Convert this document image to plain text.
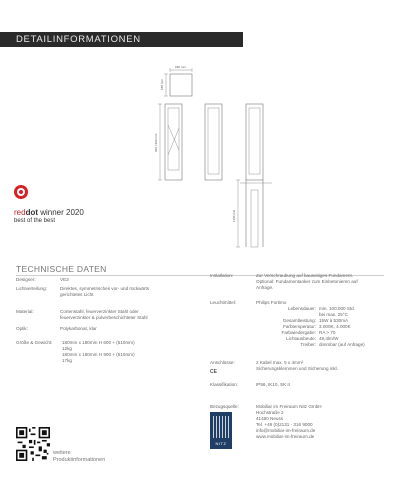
DETAILINFORMATIONEN
180 mm
180 mm
600 / 900 mm
1100 mm
reddot winner 2020
best of the best
TECHNISCHE DATEN
Designer:	VE3
Lichtverteilung:	Direktes, symmetrisches vor- und rückwärts
gerichtetes Licht
Material:	Cortenstahl, feuerverzinkter Stahl oder
feuerverzinkter & pulverbeschichteter Stahl
Optik:	Polykarbonat, klar
Größe & Gewicht:	180mm x 180mm H 600 + (510mm)
12kg
180mm x 180mm H 900 + (510mm)
17kg
Installation:	Zur Verschraubung auf bauseitiges Fundament.
Optional: Fundamentanker zum Einbetonieren auf
Anfrage.
Leuchtmittel:	Philips Fortimo
Lebensdauer: min. 100.000 Std.
bei max. 25°C
Gesamtleistung: 15W à 530mA
Farbtemperatur: 3.000K, 4.000K
Farbwiedergabe: RA > 70
Lichtausbeute: 48,4lm/W
Treiber: dimmbar (auf Anfrage)
Anschlüsse:	2 Kabel max. 5 x 4mm²
Sicherungsklemmen und Sicherung inkl.
CE
Klassifikation:	IP56, IK10, SK II
Bezugsquelle:	Mobiliar im Freiraum Nitz GmbH
Hochstraße 2
41460 Neuss
Tel. +49 (0)2131 - 316 9000
info@mobiliar-im-freiraum.de
www.mobiliar-im-freiraum.de
NITZ
weitere
Produktinformationen
